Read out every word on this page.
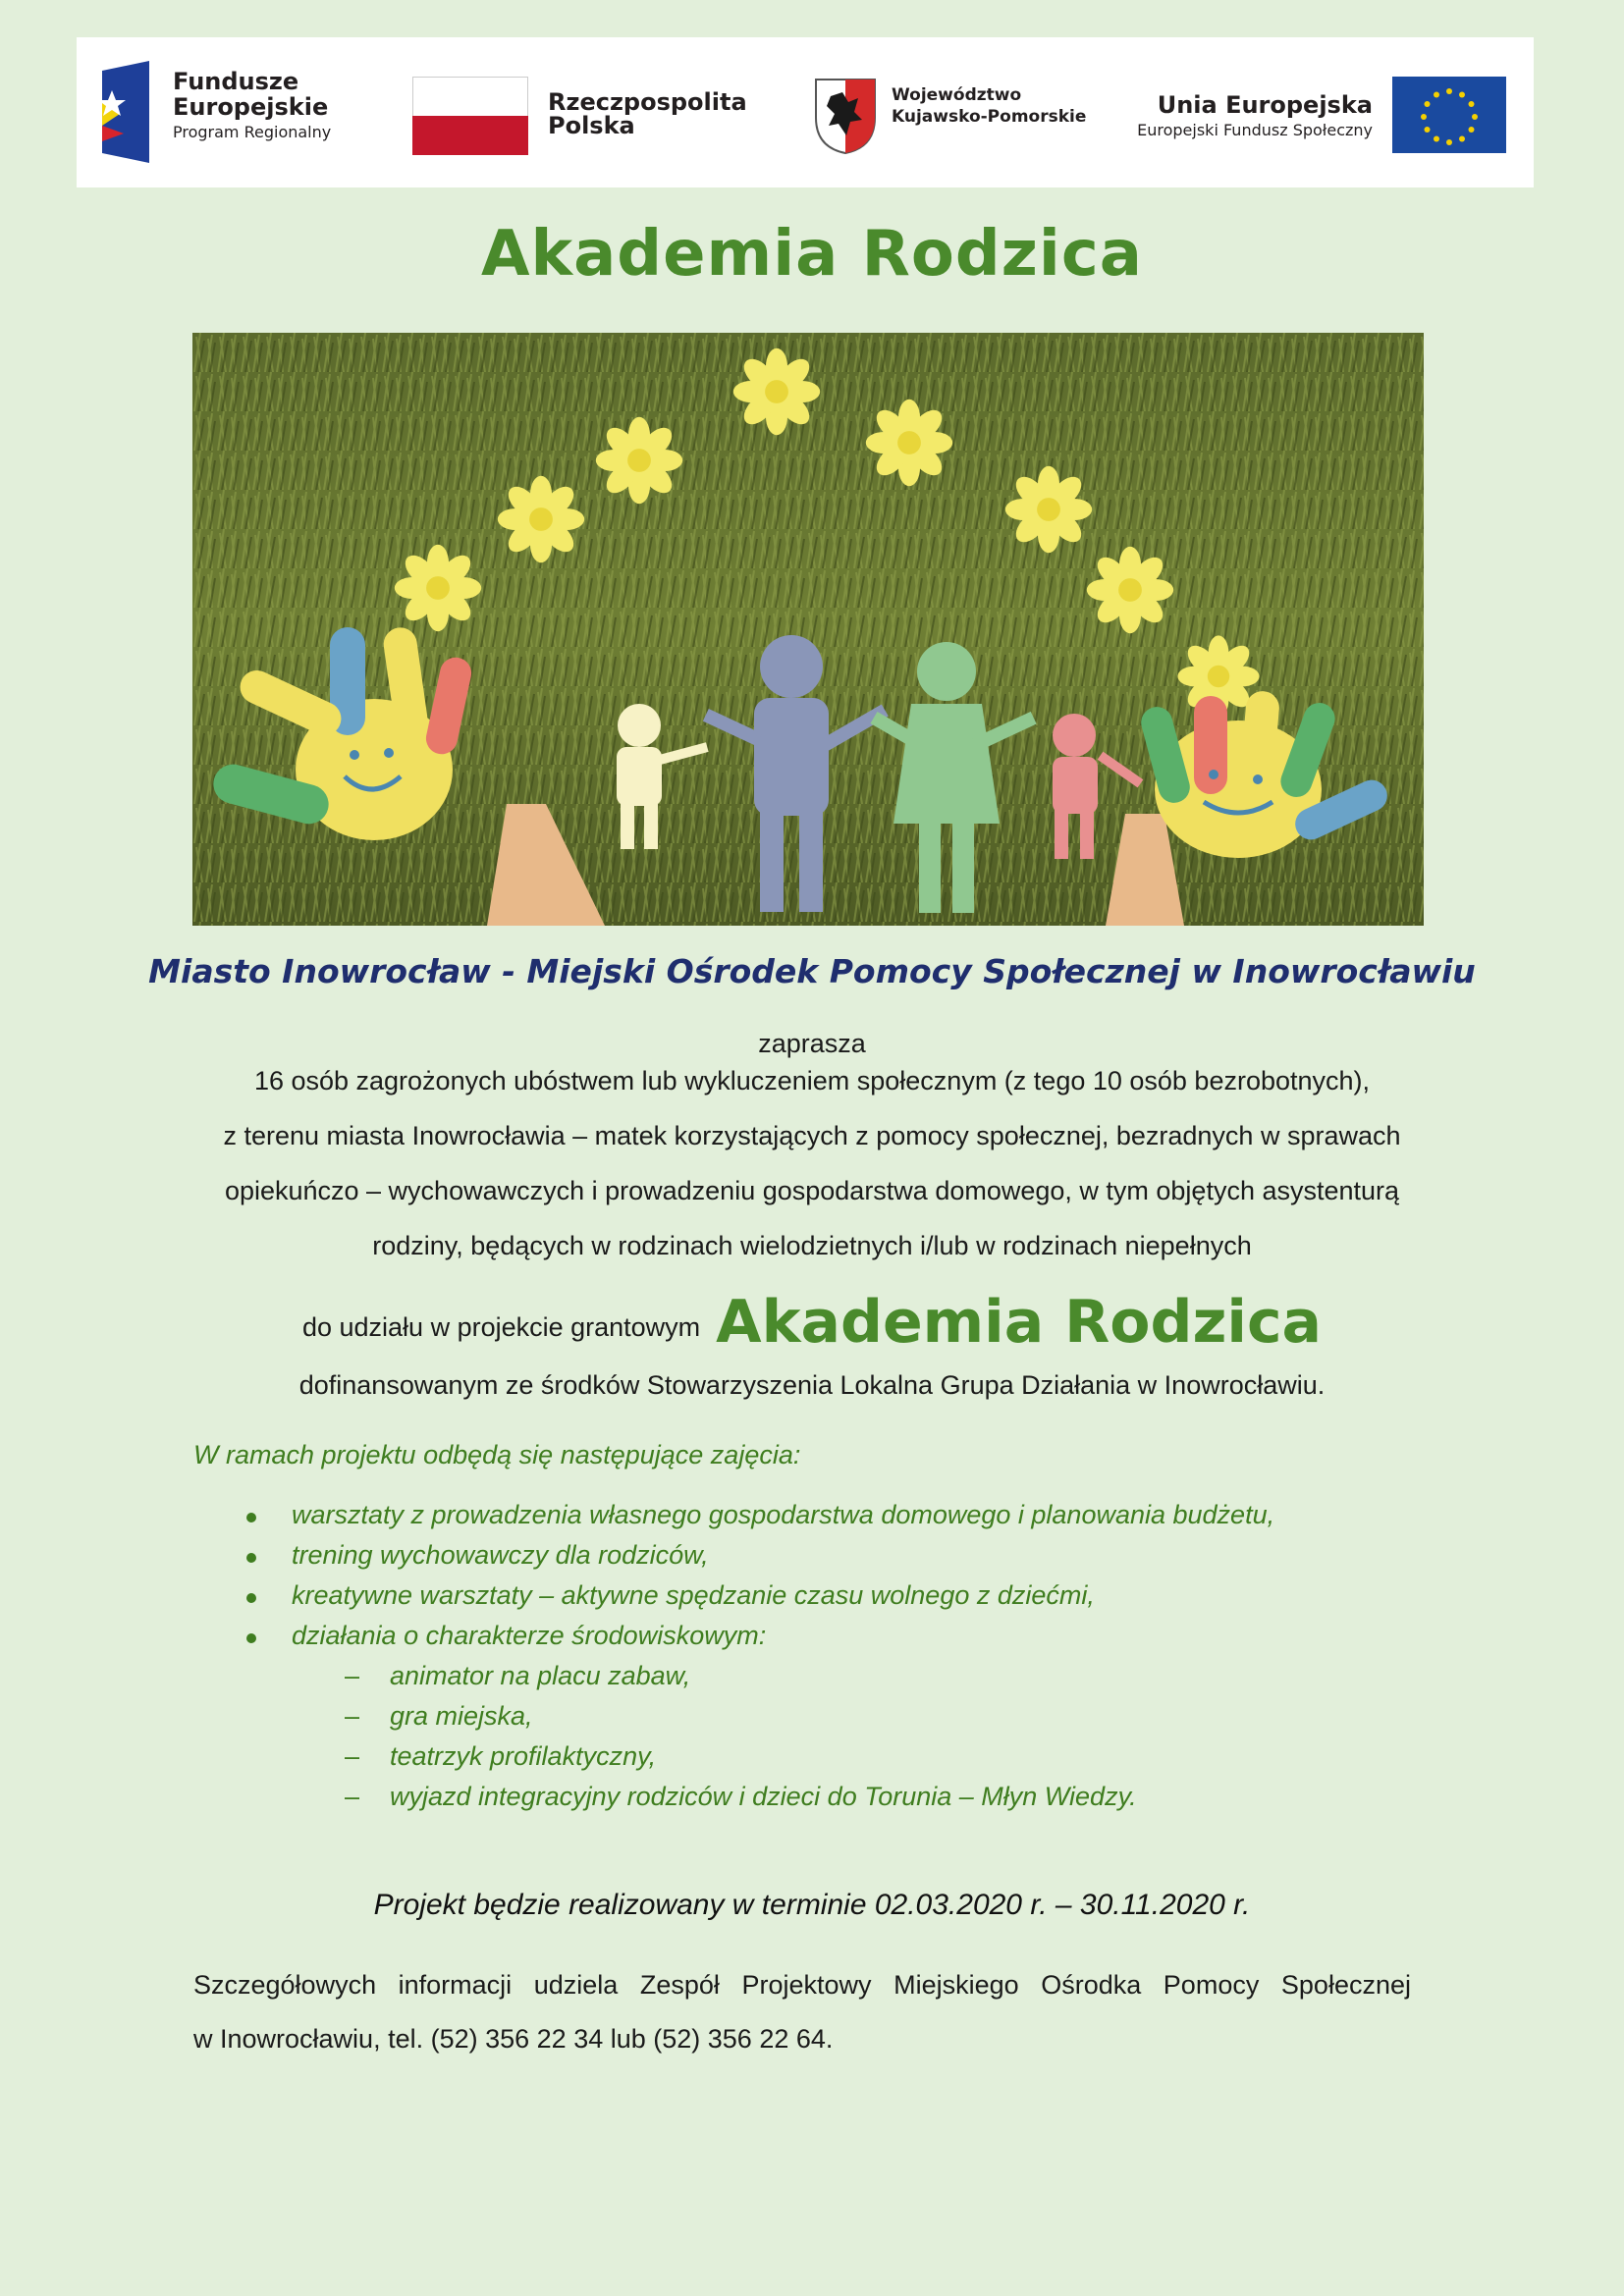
Fundusze
Europejskie
Program Regionalny
Rzeczpospolita
Polska
Województwo
Kujawsko-Pomorskie	Unia Europejska
Europejski Fundusz Społeczny
Akademia Rodzica
Miasto Inowrocław - Miejski Ośrodek Pomocy Społecznej w Inowrocławiu
zaprasza
16 osób zagrożonych ubóstwem lub wykluczeniem społecznym (z tego 10 osób bezrobotnych),
z terenu miasta Inowrocławia – matek korzystających z pomocy społecznej, bezradnych w sprawach
opiekuńczo – wychowawczych i prowadzeniu gospodarstwa domowego, w tym objętych asystenturą
rodziny, będących w rodzinach wielodzietnych i/lub w rodzinach niepełnych
do udziału w projekcie grantowym Akademia Rodzica
dofinansowanym ze środków Stowarzyszenia Lokalna Grupa Działania w Inowrocławiu.
W ramach projektu odbędą się następujące zajęcia:
warsztaty z prowadzenia własnego gospodarstwa domowego i planowania budżetu,
trening wychowawczy dla rodziców,
kreatywne warsztaty – aktywne spędzanie czasu wolnego z dziećmi,
działania o charakterze środowiskowym:
– animator na placu zabaw,
– gra miejska,
– teatrzyk profilaktyczny,
– wyjazd integracyjny rodziców i dzieci do Torunia – Młyn Wiedzy.
Projekt będzie realizowany w terminie 02.03.2020 r. – 30.11.2020 r.
Szczegółowych informacji udziela Zespół Projektowy Miejskiego Ośrodka Pomocy Społecznej
w Inowrocławiu, tel. (52) 356 22 34 lub (52) 356 22 64.
